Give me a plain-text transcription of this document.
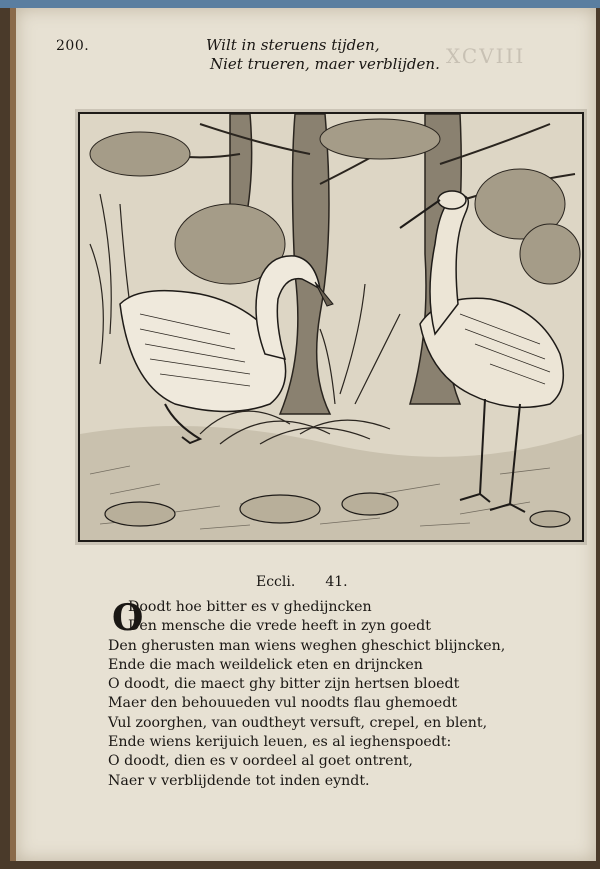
XCVIII
200.	Wilt in steruens tijden,
Niet trueren, maer verblijden.
Eccli. 41.
O
Doodt hoe bitter es v ghedijncken
Den mensche die vrede heeft in zyn goedt
Den gherusten man wiens weghen gheschict blijncken,
Ende die mach weildelick eten en drijncken
O doodt, die maect ghy bitter zijn hertsen bloedt
Maer den behouueden vul noodts flau ghemoedt
Vul zoorghen, van oudtheyt versuft, crepel, en blent,
Ende wiens kerijuich leuen, es al ieghenspoedt:
O doodt, dien es v oordeel al goet ontrent,
Naer v verblijdende tot inden eyndt.
